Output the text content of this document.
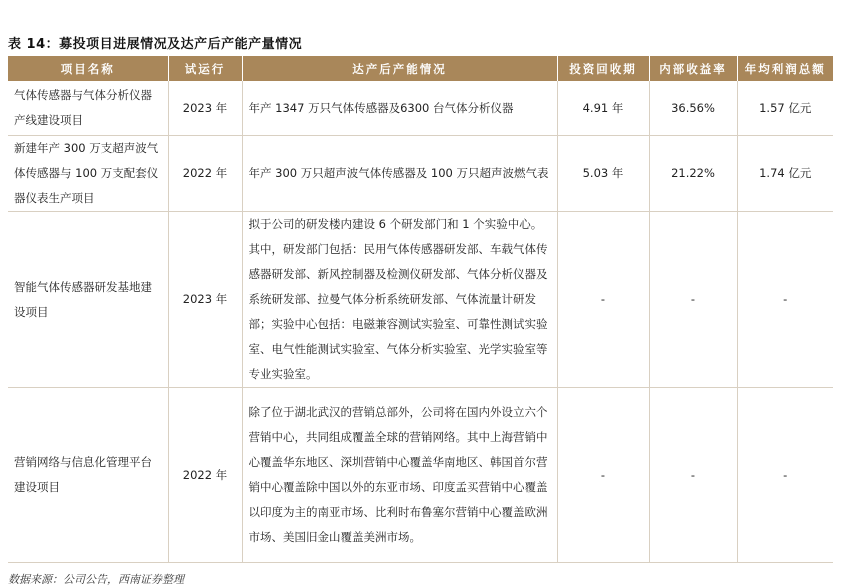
表 14：募投项目进展情况及达产后产能产量情况
项目名称	试运行	达产后产能情况	投资回收期	内部收益率	年均利润总额
气体传感器与气体分析仪器产线建设项目	2023 年	年产 1347 万只气体传感器及6300 台气体分析仪器	4.91 年	36.56%	1.57 亿元
新建年产 300 万支超声波气体传感器与 100 万支配套仪器仪表生产项目	2022 年	年产 300 万只超声波气体传感器及 100 万只超声波燃气表	5.03 年	21.22%	1.74 亿元
智能气体传感器研发基地建设项目	2023 年	拟于公司的研发楼内建设 6 个研发部门和 1 个实验中心。其中，研发部门包括：民用气体传感器研发部、车载气体传感器研发部、新风控制器及检测仪研发部、气体分析仪器及系统研发部、拉曼气体分析系统研发部、气体流量计研发部；实验中心包括：电磁兼容测试实验室、可靠性测试实验室、电气性能测试实验室、气体分析实验室、光学实验室等专业实验室。	-	-	-
营销网络与信息化管理平台建设项目	2022 年	除了位于湖北武汉的营销总部外，公司将在国内外设立六个营销中心，共同组成覆盖全球的营销网络。其中上海营销中心覆盖华东地区、深圳营销中心覆盖华南地区、韩国首尔营销中心覆盖除中国以外的东亚市场、印度孟买营销中心覆盖以印度为主的南亚市场、比利时布鲁塞尔营销中心覆盖欧洲市场、美国旧金山覆盖美洲市场。	-	-	-
数据来源：公司公告，西南证券整理
